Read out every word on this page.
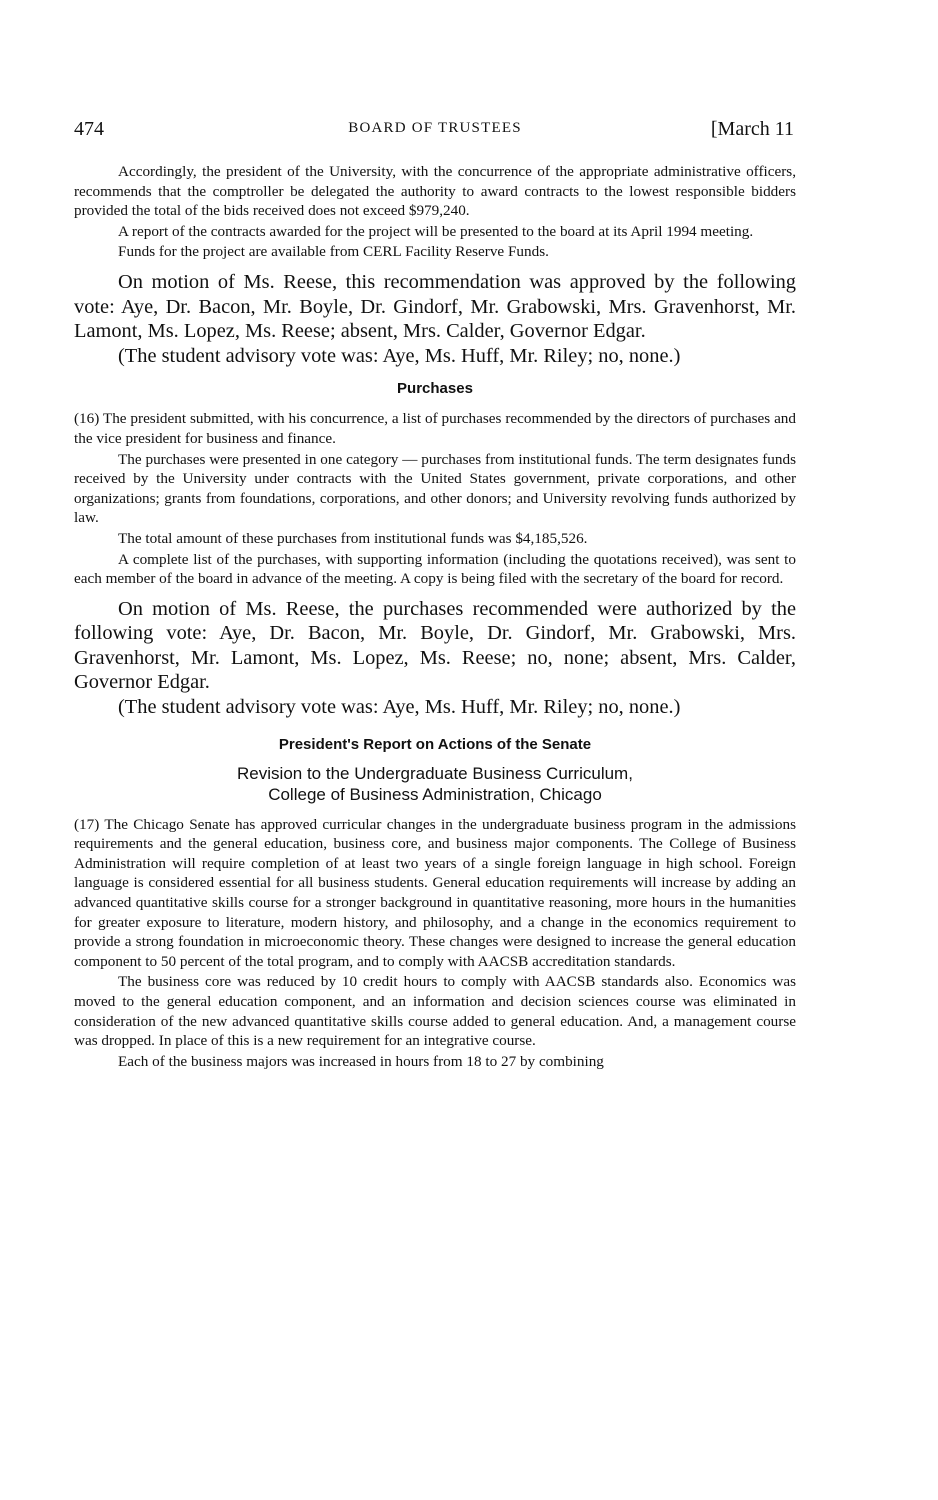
474	BOARD OF TRUSTEES	[March 11

Accordingly, the president of the University, with the concurrence of the appropriate administrative officers, recommends that the comptroller be delegated the authority to award contracts to the lowest responsible bidders provided the total of the bids received does not exceed $979,240.

A report of the contracts awarded for the project will be presented to the board at its April 1994 meeting.

Funds for the project are available from CERL Facility Reserve Funds.

On motion of Ms. Reese, this recommendation was approved by the following vote: Aye, Dr. Bacon, Mr. Boyle, Dr. Gindorf, Mr. Grabowski, Mrs. Gravenhorst, Mr. Lamont, Ms. Lopez, Ms. Reese; absent, Mrs. Calder, Governor Edgar.

(The student advisory vote was: Aye, Ms. Huff, Mr. Riley; no, none.)

Purchases

(16) The president submitted, with his concurrence, a list of purchases recommended by the directors of purchases and the vice president for business and finance.

The purchases were presented in one category — purchases from institutional funds. The term designates funds received by the University under contracts with the United States government, private corporations, and other organizations; grants from foundations, corporations, and other donors; and University revolving funds authorized by law.

The total amount of these purchases from institutional funds was $4,185,526.

A complete list of the purchases, with supporting information (including the quotations received), was sent to each member of the board in advance of the meeting. A copy is being filed with the secretary of the board for record.

On motion of Ms. Reese, the purchases recommended were authorized by the following vote: Aye, Dr. Bacon, Mr. Boyle, Dr. Gindorf, Mr. Grabowski, Mrs. Gravenhorst, Mr. Lamont, Ms. Lopez, Ms. Reese; no, none; absent, Mrs. Calder, Governor Edgar.

(The student advisory vote was: Aye, Ms. Huff, Mr. Riley; no, none.)

President's Report on Actions of the Senate
Revision to the Undergraduate Business Curriculum,
College of Business Administration, Chicago

(17) The Chicago Senate has approved curricular changes in the undergraduate business program in the admissions requirements and the general education, business core, and business major components. The College of Business Administration will require completion of at least two years of a single foreign language in high school. Foreign language is considered essential for all business students. General education requirements will increase by adding an advanced quantitative skills course for a stronger background in quantitative reasoning, more hours in the humanities for greater exposure to literature, modern history, and philosophy, and a change in the economics requirement to provide a strong foundation in microeconomic theory. These changes were designed to increase the general education component to 50 percent of the total program, and to comply with AACSB accreditation standards.

The business core was reduced by 10 credit hours to comply with AACSB standards also. Economics was moved to the general education component, and an information and decision sciences course was eliminated in consideration of the new advanced quantitative skills course added to general education. And, a management course was dropped. In place of this is a new requirement for an integrative course.

Each of the business majors was increased in hours from 18 to 27 by combining
